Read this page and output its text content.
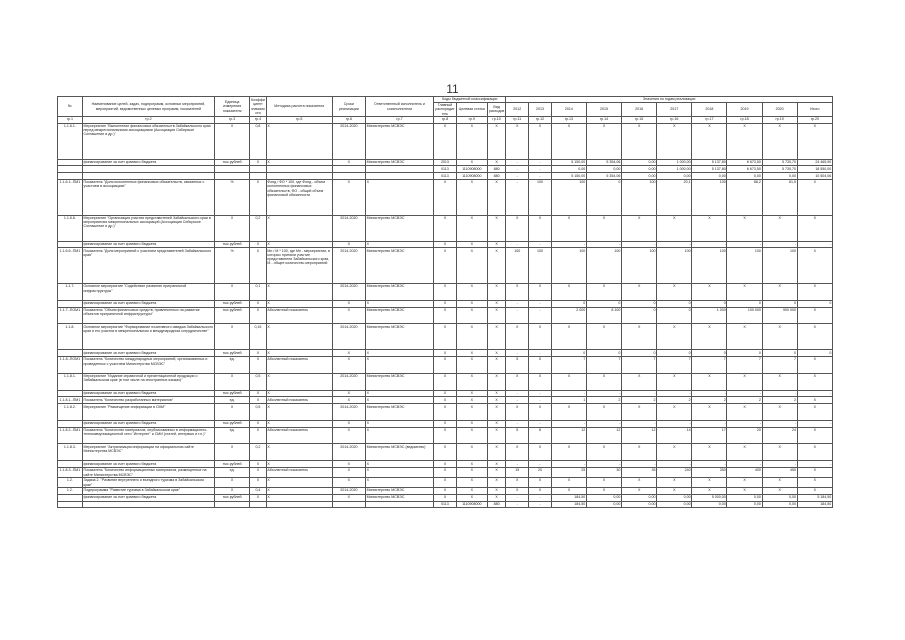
11
№	Наименование целей, задач, подпрограмм, основных мероприятий, мероприятий, ведомственных целевых программ, показателей	Единица измерения показателя	Коэффициент значимости	Методика расчета показателя	Сроки реализации	Ответственный исполнитель и соисполнители	Коды бюджетной классификации			Значения по годам реализации									
							Главный распорядитель	Целевая статья	Вид расходов	2012	2013	2014	2015	2016	2017	2018	2019	2020	Итого
гр.1	гр.2	гр.3	гр.4	гр.5	гр.6	гр.7	гр.8	гр.9	гр.10	гр.11	гр.12	гр.13	гр.14	гр.15	гр.16	гр.17	гр.18	гр.19	гр.20
1.1.6.1.	Мероприятие "Выполнение финансовых обязательств Забайкальского края перед межрегиональными ассоциациями (Ассоциация Сибирское Соглашение и др.)"	Х	0,8	Х	2014-2020	Министерство МСВЭС	Х	Х	Х	Х	Х	Х	Х	Х	Х	Х	Х	Х	Х
	финансирование за счет краевого бюджета	тыс.рублей	Х	Х	Х	Министерство МСВЭС	2013	Х	Х	-	-	5 150,00	5 354,06	0,00	1 000,00	5 137,80	6 673,50	5 730,70	24 465,90
							0113	1110908000	880	-	-	0,00	0,00	0,00	1 000,00	5 137,80	6 673,50	5 730,70	18 550,00
							0113	1110908000	880	-	-	5 150,00	5 354,06	0,00	0,00	0,00	0,00	0,00	10 504,06
1.1.6.1.-ПМ1	Показатель "Доля исполненных финансовых обязательств, связанных с участием в ассоциациях"	%	Х	Фонд / ФО * 100, где Фонд - объем исполненных финансовых обязательств, ФО - общий объем финансовой обязанности	Х	Х	Х	Х	Х	-	100	100	0	100	20,1	100	88,2	61,5	Х
1.1.6.6.	Мероприятие "Организация участия представителей Забайкальского края в мероприятиях межрегиональных ассоциаций (Ассоциация Сибирское Соглашение и др.)"	Х	0,2	Х	2014-2020	Министерство МСВЭС	Х	Х	Х	Х	Х	Х	Х	Х	Х	Х	Х	Х	Х
	финансирование за счет краевого бюджета	тыс.рублей	Х	Х	Х	Х	Х	Х	Х	-	-	-	-	-	-	-	-	-	-
1.1.6.6.-ПМ1	Показатель "Доля мероприятий с участием представителей Забайкальского края"	%	Х	Мп / М * 100, где Мп - мероприятия, в которых приняли участие представители Забайкальского края, М - общее количество мероприятий	2014-2020	Министерство МСВЭС	Х	Х	Х	100	100	100	100	100	100	100	100	100	Х
1.1.7.	Основное мероприятие "Содействие развитию приграничной инфраструктуры"	Х	0,1	Х	2014-2020	Министерство МСВЭС	Х	Х	Х	Х	Х	Х	Х	Х	Х	Х	Х	Х	Х
	финансирование за счет краевого бюджета	тыс.рублей	Х	Х	Х	Х	Х	Х	Х	-	-	0	0	0	0	0	0	0	0
1.1.7.-ПОМ1	Показатель "Объем финансовых средств, привлеченных на развитие объектов приграничной инфраструктуры"	тыс.рублей	Х	Абсолютный показатель	Х	Министерство МСВЭС	Х	Х	Х	-	-	2 000	8 100	0	0	1 000	100 000	900 000	Х
1.1.8.	Основное мероприятие "Формирование позитивного имиджа Забайкальского края и его участия в межрегиональном и международном сотрудничестве"	Х	0,15	Х	2014-2020	Министерство МСВЭС	Х	Х	Х	Х	Х	Х	Х	Х	Х	Х	Х	Х	Х
	финансирование за счет краевого бюджета	тыс.рублей	Х	Х	Х	Х	Х	Х	Х	-	-	0	0	0	0	0	0	0	0
1.1.8.-ПОМ1	Показатель "Количество международных мероприятий, организованных и проведенных с участием Министерства МСВЭС"	ед.	Х	Абсолютный показатель	Х	Х	Х	Х	Х	5	5	7	7	7	7	7	7	7	Х
1.1.8.1.	Мероприятие "Издание справочной и презентационной продукции о Забайкальском крае (в том числе на иностранных языках)"	Х	0,5	Х	2014-2020	Министерство МСВЭС	Х	Х	Х	Х	Х	Х	Х	Х	Х	Х	Х	Х	Х
	финансирование за счет краевого бюджета	тыс.рублей	Х	Х	Х	Х	Х	Х	Х	-	-	-	-	-	-	-	-	-	-
1.1.8.1.-ПМ1	Показатель "Количество разработанных материалов"	ед.	Х	Абсолютный показатель	Х	Х	Х	Х	Х	-	-	1	2	2	2	2	2	2	Х
1.1.8.2.	Мероприятие "Размещение информации в СМИ"	Х	0,5	Х	2014-2020	Министерство МСВЭС	Х	Х	Х	Х	Х	Х	Х	Х	Х	Х	Х	Х	Х
	финансирование за счет краевого бюджета	тыс.рублей	Х	Х	Х	Х	Х	Х	Х	-	-	-	-	-	-	-	-	-	-
1.1.8.2.-ПМ1	Показатель "Количество материалов, опубликованных в информационно-телекоммуникационной сети "Интернет" и СМИ (статей, интервью и т.п.)"	ед.	Х	Абсолютный показатель	Х	Х	Х	Х	Х	5	6	12	12	12	14	17	20	24	Х
1.1.8.3.	Мероприятие "Актуализация информации на официальном сайте Министерства МСВЭС"	Х	0,2	Х	2014-2020	Министерство МСВЭС (ведомство)	Х	Х	Х	Х	Х	Х	Х	Х	Х	Х	Х	Х	Х
	финансирование за счет краевого бюджета	тыс.рублей	Х	Х	Х	Х	Х	Х	Х	-	-	-	-	-	-	-	-	-	-
1.1.8.3.-ПМ1	Показатель "Количество информационных материалов, размещенных на сайте Министерства МСВЭС"	ед.	Х	Абсолютный показатель	Х	Х	Х	Х	Х	15	20	25	30	35	240	350	400	450	Х
1.2.	Задача 2. "Развитие внутреннего и въездного туризма в Забайкальском крае"	Х	Х	Х	Х	Х	Х	Х	Х	Х	Х	Х	Х	Х	Х	Х	Х	Х	Х
1.2.	Подпрограмма "Развитие туризма в Забайкальском крае"	Х	0,4	Х	2014-2020	Министерство МСВЭС	Х	Х	Х	Х	Х	Х	Х	Х	Х	Х	Х	Х	Х
	финансирование за счет краевого бюджета	тыс.рублей	Х	Х	Х	Министерство МСВЭС	Х	Х	Х	-	-	184,50	0,00	0,00	0,00	5 000,00	0,00	0,00	5 184,50
							0113	1110908000	880	-	-	184,50	0,00	0,00	0,00	0,00	0,00	0,00	184,50
